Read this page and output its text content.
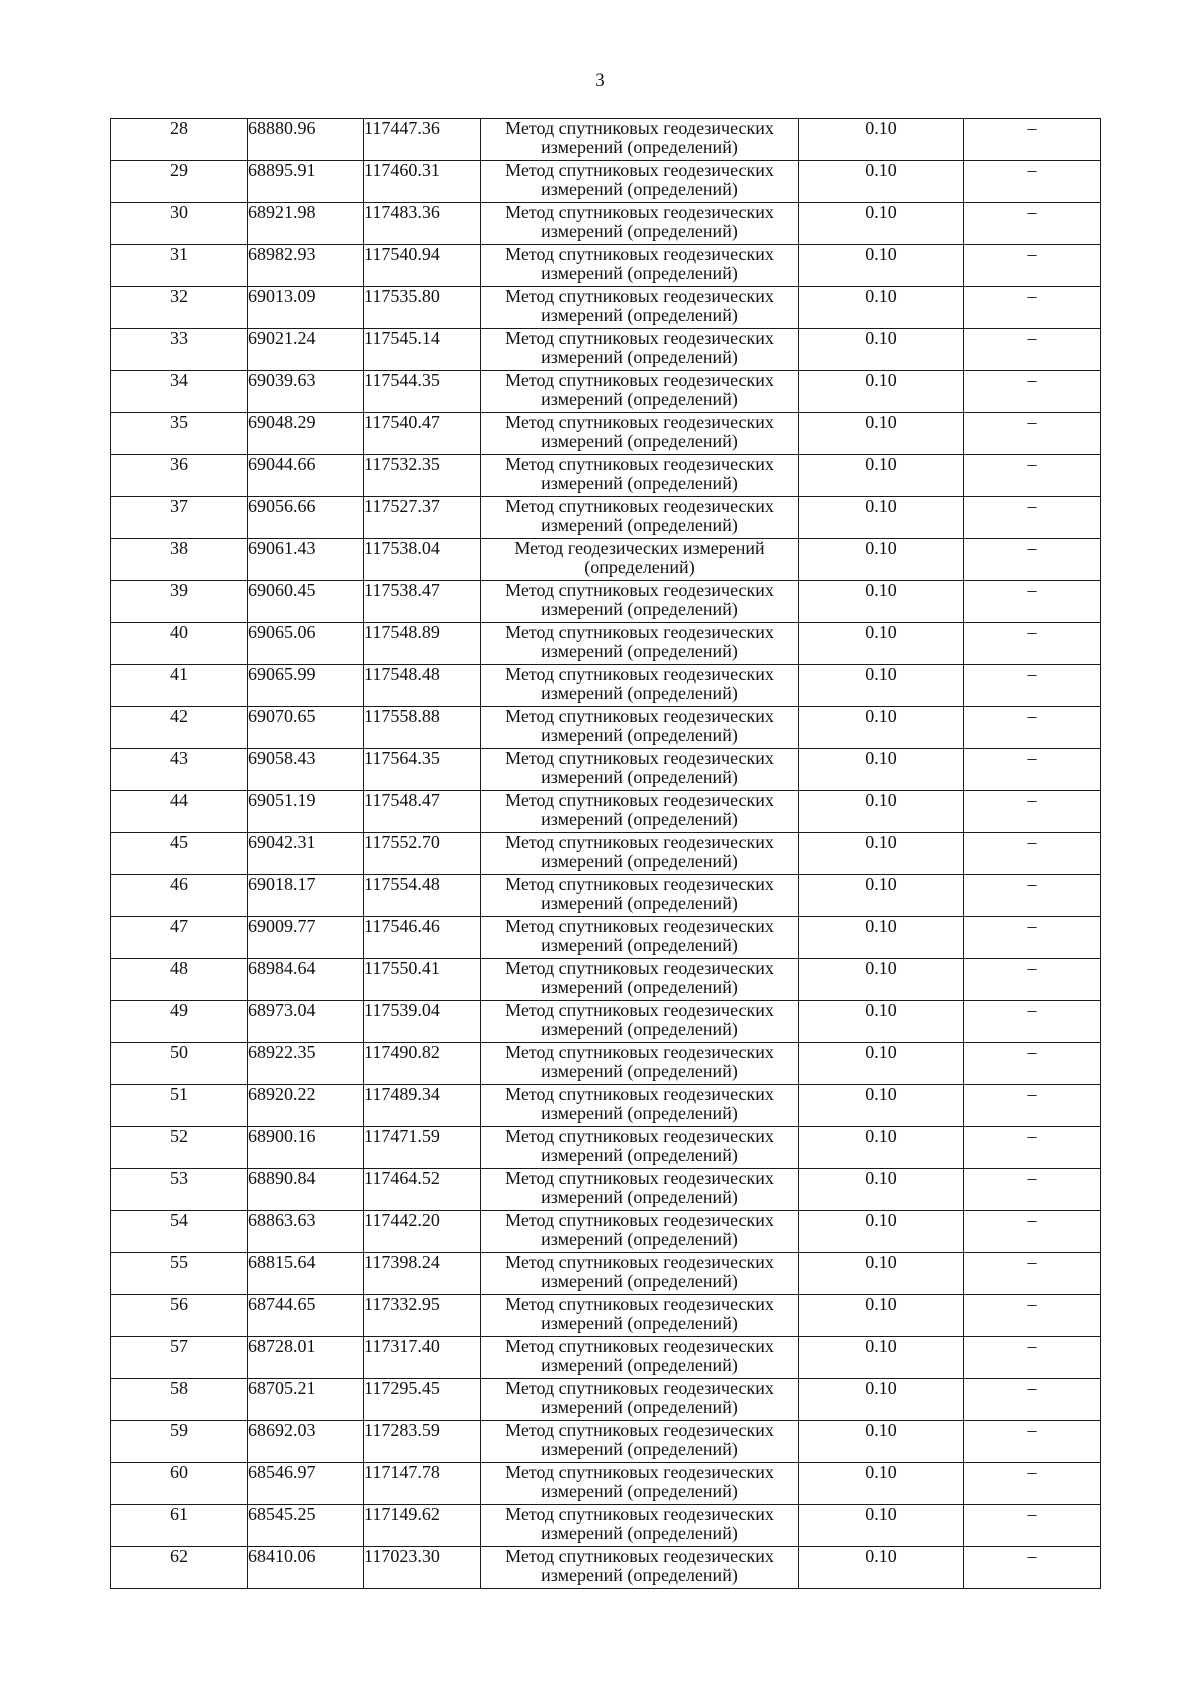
3
28	68880.96	117447.36	Метод спутниковых геодезических измерений (определений)	0.10	–
29	68895.91	117460.31	Метод спутниковых геодезических измерений (определений)	0.10	–
30	68921.98	117483.36	Метод спутниковых геодезических измерений (определений)	0.10	–
31	68982.93	117540.94	Метод спутниковых геодезических измерений (определений)	0.10	–
32	69013.09	117535.80	Метод спутниковых геодезических измерений (определений)	0.10	–
33	69021.24	117545.14	Метод спутниковых геодезических измерений (определений)	0.10	–
34	69039.63	117544.35	Метод спутниковых геодезических измерений (определений)	0.10	–
35	69048.29	117540.47	Метод спутниковых геодезических измерений (определений)	0.10	–
36	69044.66	117532.35	Метод спутниковых геодезических измерений (определений)	0.10	–
37	69056.66	117527.37	Метод спутниковых геодезических измерений (определений)	0.10	–
38	69061.43	117538.04	Метод геодезических измерений (определений)	0.10	–
39	69060.45	117538.47	Метод спутниковых геодезических измерений (определений)	0.10	–
40	69065.06	117548.89	Метод спутниковых геодезических измерений (определений)	0.10	–
41	69065.99	117548.48	Метод спутниковых геодезических измерений (определений)	0.10	–
42	69070.65	117558.88	Метод спутниковых геодезических измерений (определений)	0.10	–
43	69058.43	117564.35	Метод спутниковых геодезических измерений (определений)	0.10	–
44	69051.19	117548.47	Метод спутниковых геодезических измерений (определений)	0.10	–
45	69042.31	117552.70	Метод спутниковых геодезических измерений (определений)	0.10	–
46	69018.17	117554.48	Метод спутниковых геодезических измерений (определений)	0.10	–
47	69009.77	117546.46	Метод спутниковых геодезических измерений (определений)	0.10	–
48	68984.64	117550.41	Метод спутниковых геодезических измерений (определений)	0.10	–
49	68973.04	117539.04	Метод спутниковых геодезических измерений (определений)	0.10	–
50	68922.35	117490.82	Метод спутниковых геодезических измерений (определений)	0.10	–
51	68920.22	117489.34	Метод спутниковых геодезических измерений (определений)	0.10	–
52	68900.16	117471.59	Метод спутниковых геодезических измерений (определений)	0.10	–
53	68890.84	117464.52	Метод спутниковых геодезических измерений (определений)	0.10	–
54	68863.63	117442.20	Метод спутниковых геодезических измерений (определений)	0.10	–
55	68815.64	117398.24	Метод спутниковых геодезических измерений (определений)	0.10	–
56	68744.65	117332.95	Метод спутниковых геодезических измерений (определений)	0.10	–
57	68728.01	117317.40	Метод спутниковых геодезических измерений (определений)	0.10	–
58	68705.21	117295.45	Метод спутниковых геодезических измерений (определений)	0.10	–
59	68692.03	117283.59	Метод спутниковых геодезических измерений (определений)	0.10	–
60	68546.97	117147.78	Метод спутниковых геодезических измерений (определений)	0.10	–
61	68545.25	117149.62	Метод спутниковых геодезических измерений (определений)	0.10	–
62	68410.06	117023.30	Метод спутниковых геодезических измерений (определений)	0.10	–
